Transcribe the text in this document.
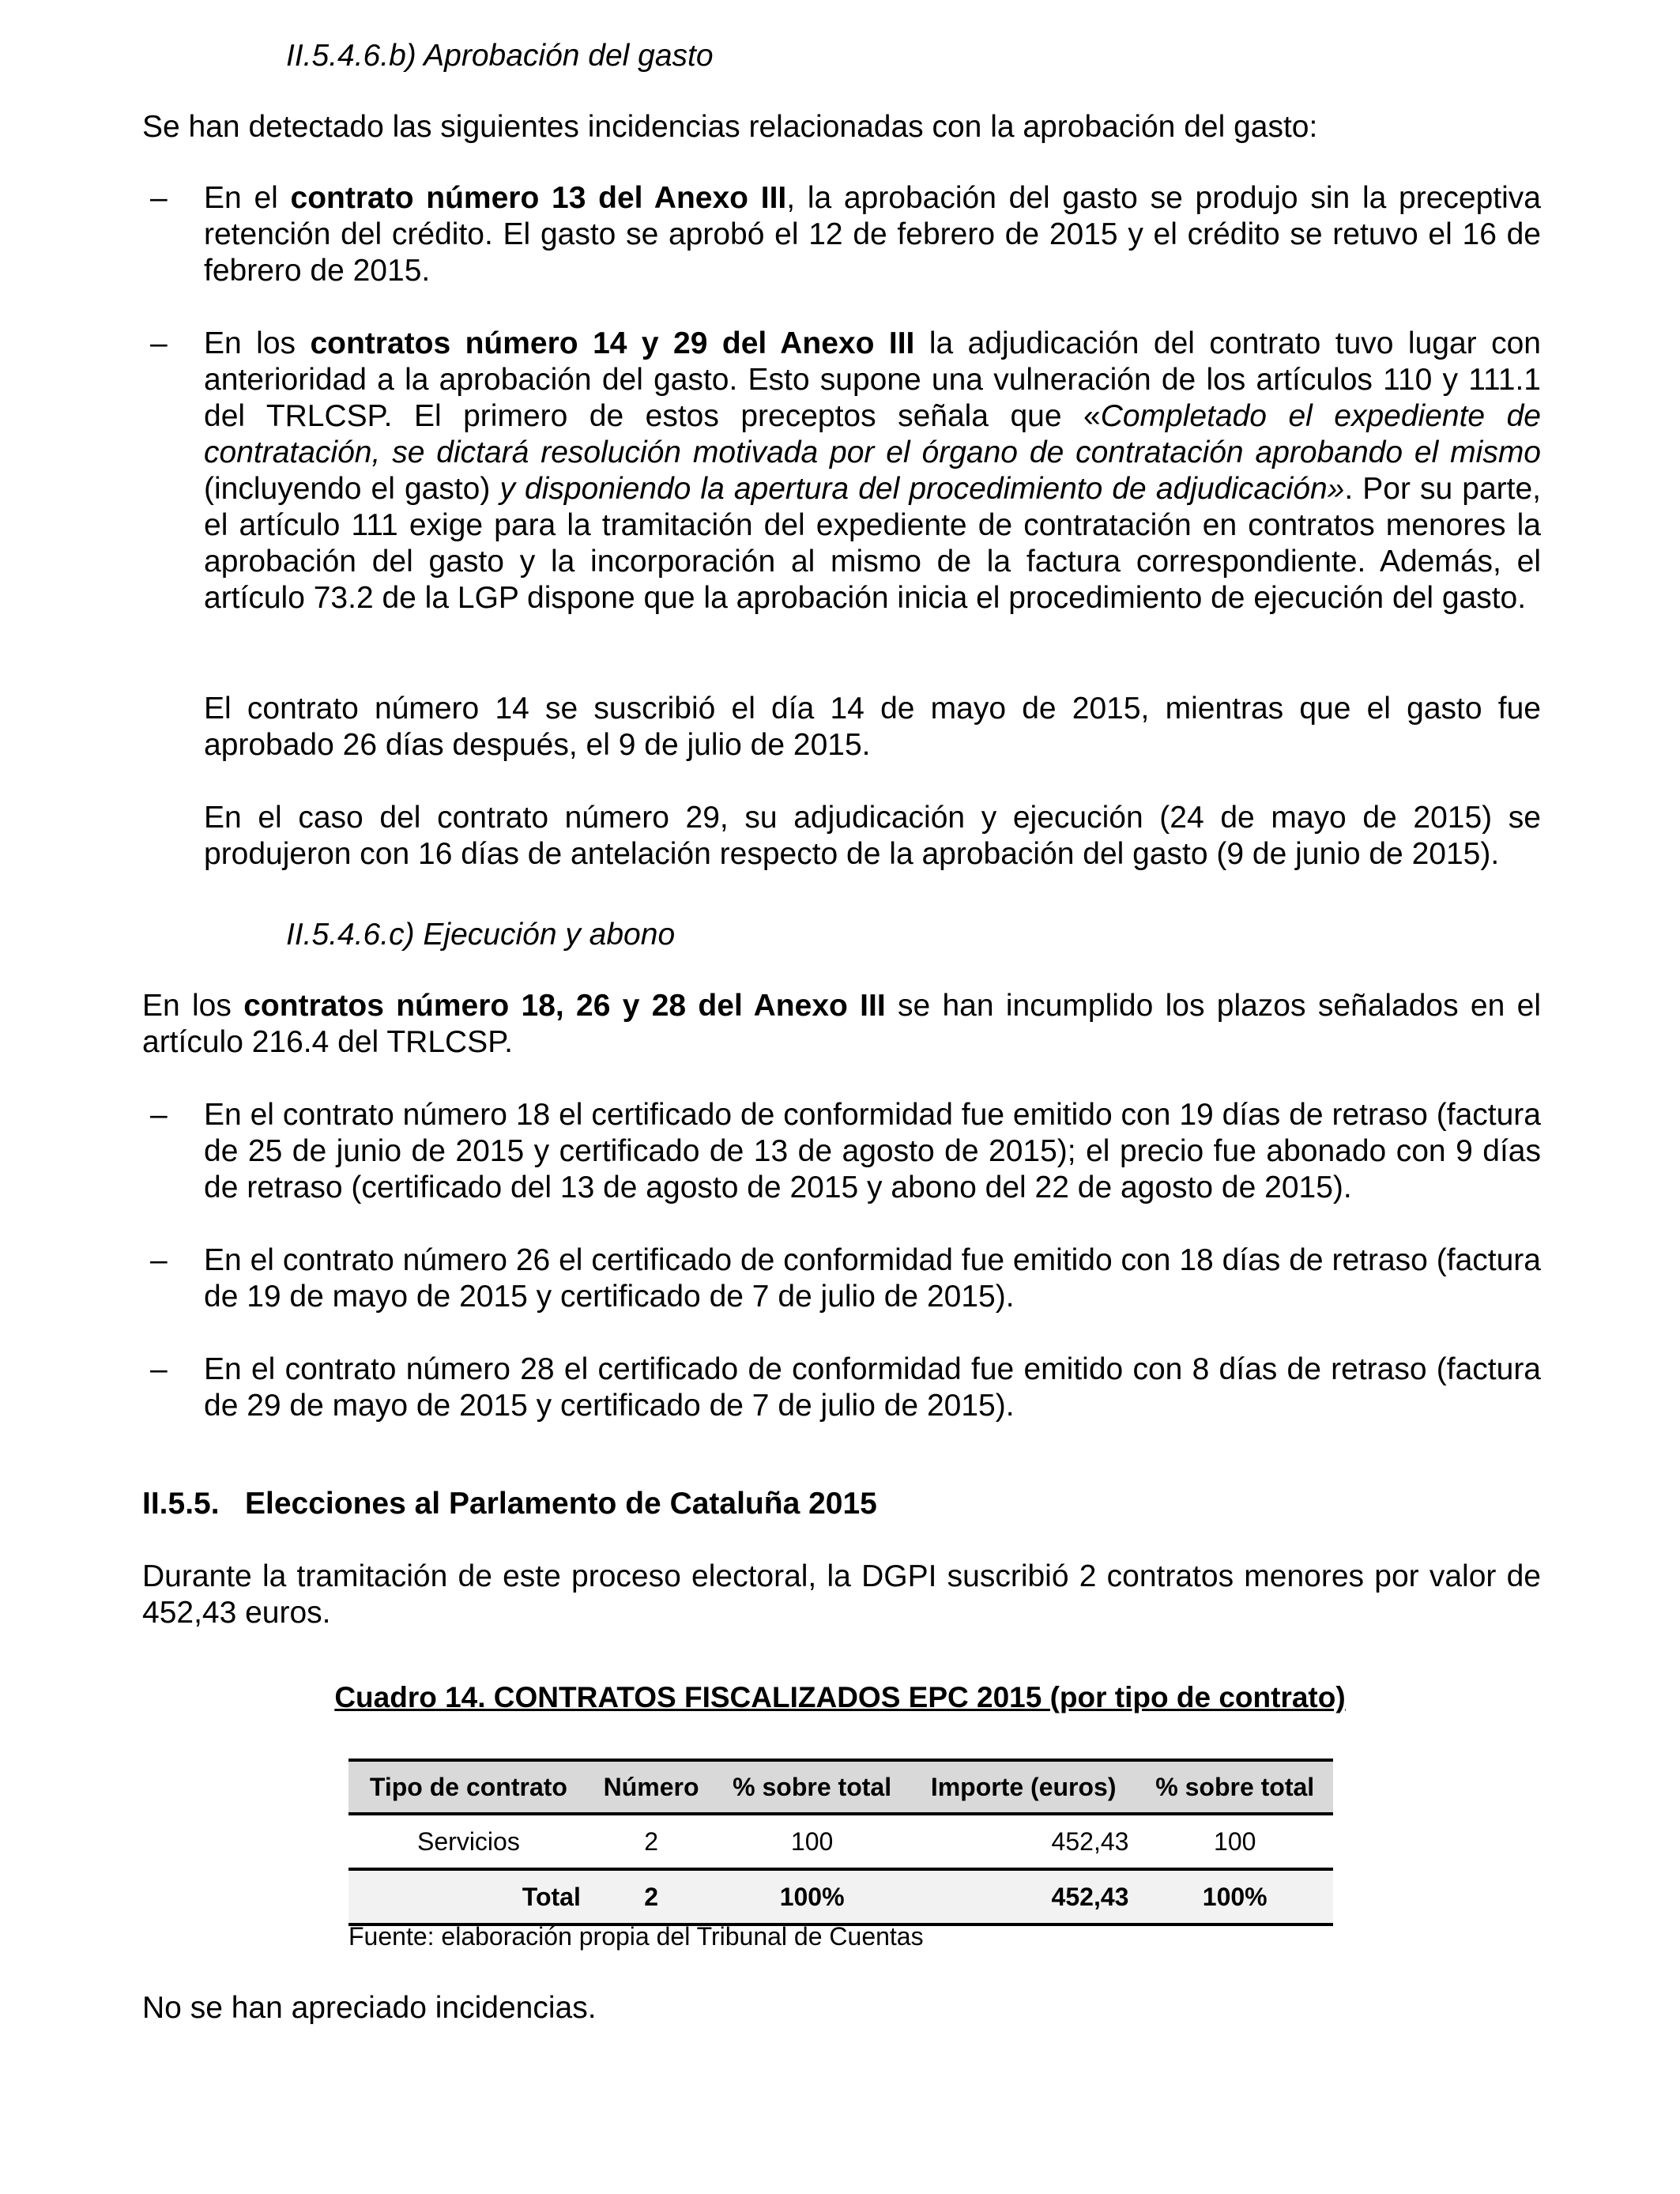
II.5.4.6.b) Aprobación del gasto

Se han detectado las siguientes incidencias relacionadas con la aprobación del gasto:

– En el contrato número 13 del Anexo III, la aprobación del gasto se produjo sin la preceptiva retención del crédito. El gasto se aprobó el 12 de febrero de 2015 y el crédito se retuvo el 16 de febrero de 2015.

– En los contratos número 14 y 29 del Anexo III la adjudicación del contrato tuvo lugar con anterioridad a la aprobación del gasto. Esto supone una vulneración de los artículos 110 y 111.1 del TRLCSP. El primero de estos preceptos señala que «Completado el expediente de contratación, se dictará resolución motivada por el órgano de contratación aprobando el mismo (incluyendo el gasto) y disponiendo la apertura del procedimiento de adjudicación». Por su parte, el artículo 111 exige para la tramitación del expediente de contratación en contratos menores la aprobación del gasto y la incorporación al mismo de la factura correspondiente. Además, el artículo 73.2 de la LGP dispone que la aprobación inicia el procedimiento de ejecución del gasto.

El contrato número 14 se suscribió el día 14 de mayo de 2015, mientras que el gasto fue aprobado 26 días después, el 9 de julio de 2015.

En el caso del contrato número 29, su adjudicación y ejecución (24 de mayo de 2015) se produjeron con 16 días de antelación respecto de la aprobación del gasto (9 de junio de 2015).

II.5.4.6.c) Ejecución y abono

En los contratos número 18, 26 y 28 del Anexo III se han incumplido los plazos señalados en el artículo 216.4 del TRLCSP.

– En el contrato número 18 el certificado de conformidad fue emitido con 19 días de retraso (factura de 25 de junio de 2015 y certificado de 13 de agosto de 2015); el precio fue abonado con 9 días de retraso (certificado del 13 de agosto de 2015 y abono del 22 de agosto de 2015).

– En el contrato número 26 el certificado de conformidad fue emitido con 18 días de retraso (factura de 19 de mayo de 2015 y certificado de 7 de julio de 2015).

– En el contrato número 28 el certificado de conformidad fue emitido con 8 días de retraso (factura de 29 de mayo de 2015 y certificado de 7 de julio de 2015).

II.5.5. Elecciones al Parlamento de Cataluña 2015

Durante la tramitación de este proceso electoral, la DGPI suscribió 2 contratos menores por valor de 452,43 euros.

Cuadro 14. CONTRATOS FISCALIZADOS EPC 2015 (por tipo de contrato)

Tipo de contrato	Número	% sobre total	Importe (euros)	% sobre total
Servicios	2	100	452,43	100
Total	2	100%	452,43	100%

Fuente: elaboración propia del Tribunal de Cuentas

No se han apreciado incidencias.
